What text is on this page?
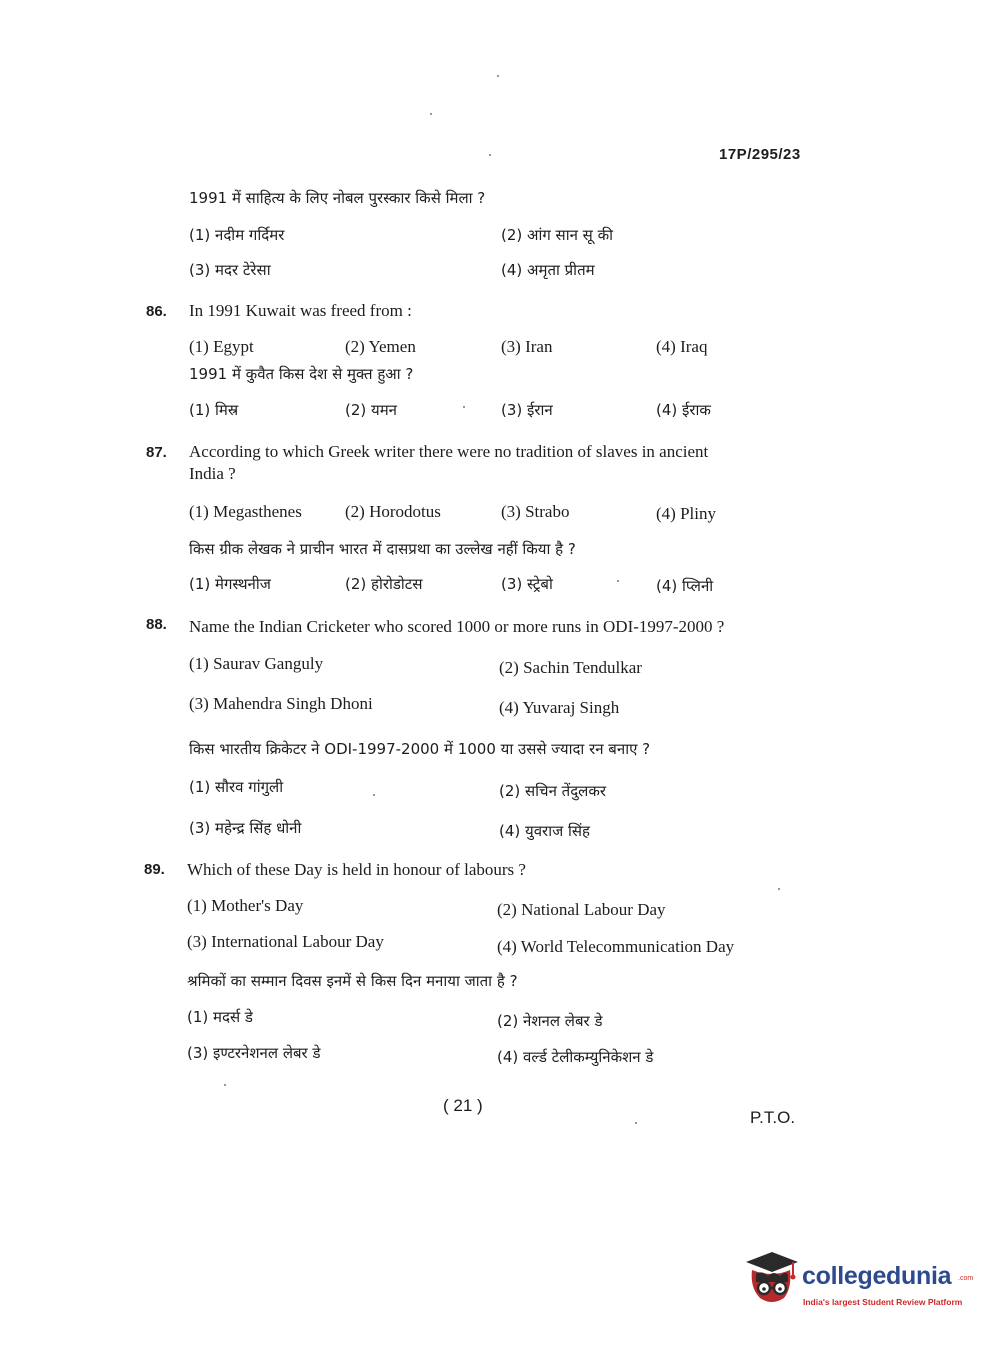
17P/295/23
1991 में साहित्य के लिए नोबल पुरस्कार किसे मिला ?
(1) नदीम गर्दिमर	(2) आंग सान सू की
(3) मदर टेरेसा	(4) अमृता प्रीतम
86. In 1991 Kuwait was freed from :
(1) Egypt	(2) Yemen	(3) Iran	(4) Iraq
1991 में कुवैत किस देश से मुक्त हुआ ?
(1) मिस्र	(2) यमन	(3) ईरान	(4) ईराक
87. According to which Greek writer there were no tradition of slaves in ancient
India ?
(1) Megasthenes	(2) Horodotus	(3) Strabo	(4) Pliny
किस ग्रीक लेखक ने प्राचीन भारत में दासप्रथा का उल्लेख नहीं किया है ?
(1) मेगस्थनीज	(2) होरोडोटस	(3) स्ट्रेबो	(4) प्लिनी
88. Name the Indian Cricketer who scored 1000 or more runs in ODI-1997-2000 ?
(1) Saurav Ganguly	(2) Sachin Tendulkar
(3) Mahendra Singh Dhoni	(4) Yuvaraj Singh
किस भारतीय क्रिकेटर ने ODI-1997-2000 में 1000 या उससे ज्यादा रन बनाए ?
(1) सौरव गांगुली	(2) सचिन तेंदुलकर
(3) महेन्द्र सिंह धोनी	(4) युवराज सिंह
89. Which of these Day is held in honour of labours ?
(1) Mother's Day	(2) National Labour Day
(3) International Labour Day	(4) World Telecommunication Day
श्रमिकों का सम्मान दिवस इनमें से किस दिन मनाया जाता है ?
(1) मदर्स डे	(2) नेशनल लेबर डे
(3) इण्टरनेशनल लेबर डे	(4) वर्ल्ड टेलीकम्युनिकेशन डे
( 21 )
P.T.O.
collegedunia .com
India's largest Student Review Platform
